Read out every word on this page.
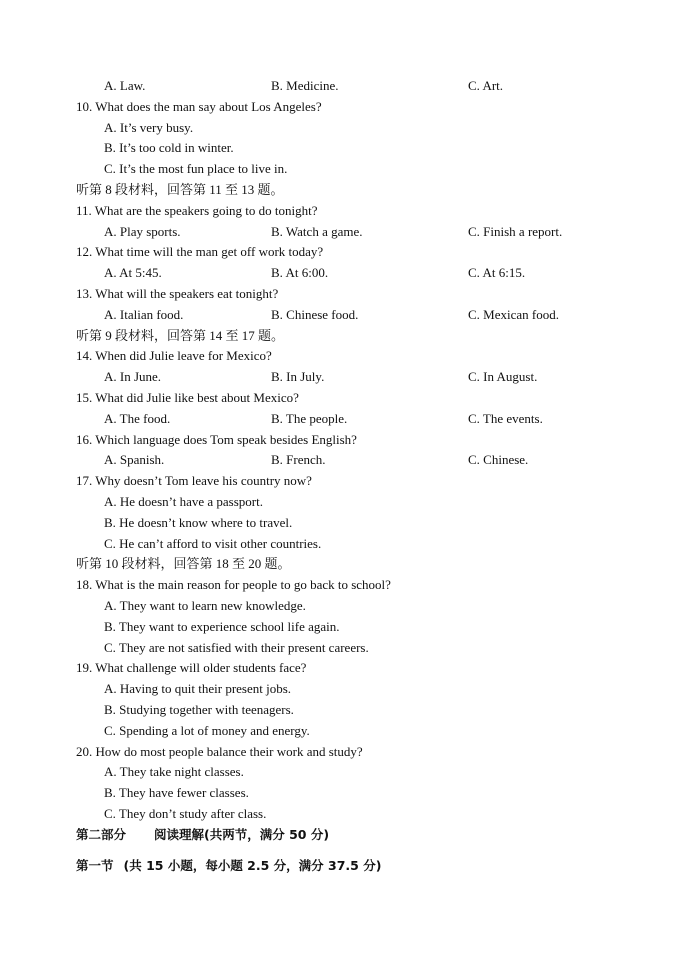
A. Law.	B. Medicine.	C. Art.
10. What does the man say about Los Angeles?
A. It’s very busy.
B. It’s too cold in winter.
C. It’s the most fun place to live in.
听第 8 段材料，回答第 11 至 13 题。
11. What are the speakers going to do tonight?
A. Play sports.	B. Watch a game.	C. Finish a report.
12. What time will the man get off work today?
A. At 5:45.	B. At 6:00.	C. At 6:15.
13. What will the speakers eat tonight?
A. Italian food.	B. Chinese food.	C. Mexican food.
听第 9 段材料，回答第 14 至 17 题。
14. When did Julie leave for Mexico?
A. In June.	B. In July.	C. In August.
15. What did Julie like best about Mexico?
A. The food.	B. The people.	C. The events.
16. Which language does Tom speak besides English?
A. Spanish.	B. French.	C. Chinese.
17. Why doesn’t Tom leave his country now?
A. He doesn’t have a passport.
B. He doesn’t know where to travel.
C. He can’t afford to visit other countries.
听第 10 段材料，回答第 18 至 20 题。
18. What is the main reason for people to go back to school?
A. They want to learn new knowledge.
B. They want to experience school life again.
C. They are not satisfied with their present careers.
19. What challenge will older students face?
A. Having to quit their present jobs.
B. Studying together with teenagers.
C. Spending a lot of money and energy.
20. How do most people balance their work and study?
A. They take night classes.
B. They have fewer classes.
C. They don’t study after class.
第二部分 阅读理解(共两节，满分 50 分)
第一节 (共 15 小题，每小题 2.5 分，满分 37.5 分)
